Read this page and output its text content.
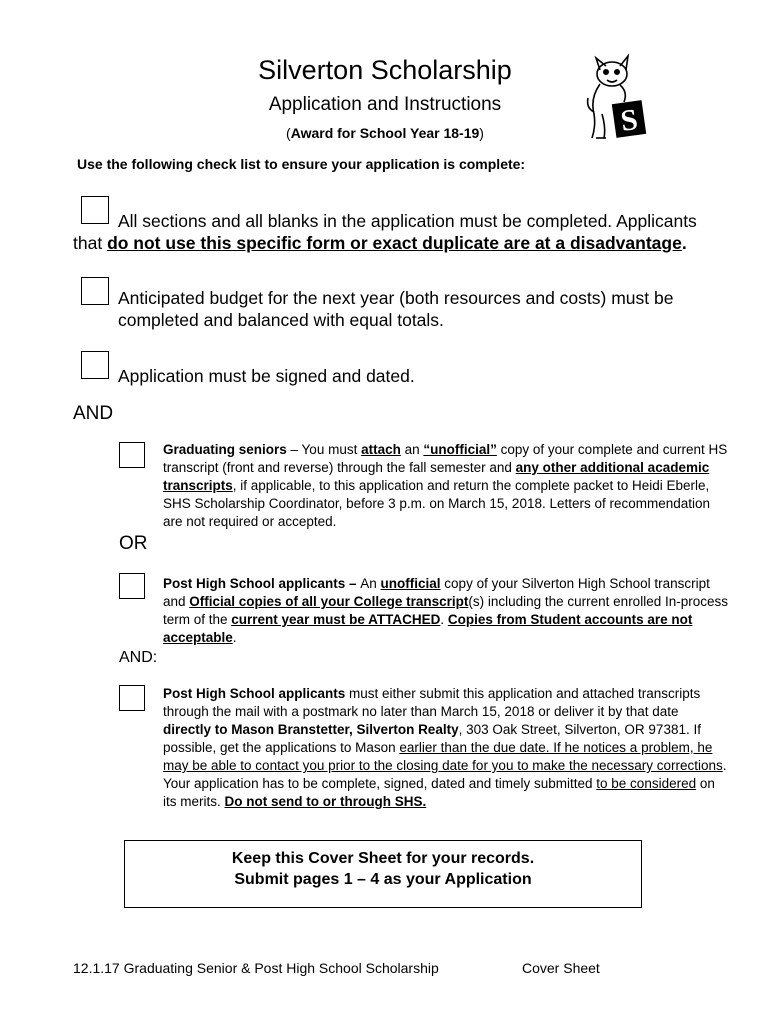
Silverton Scholarship
Application and Instructions
(Award for School Year 18-19)	S
Use the following check list to ensure your application is complete:
All sections and all blanks in the application must be completed. Applicants
that do not use this specific form or exact duplicate are at a disadvantage.
Anticipated budget for the next year (both resources and costs) must be
completed and balanced with equal totals.
Application must be signed and dated.
AND
Graduating seniors – You must attach an “unofficial” copy of your complete and current HS transcript (front and reverse) through the fall semester and any other additional academic transcripts, if applicable, to this application and return the complete packet to Heidi Eberle, SHS Scholarship Coordinator, before 3 p.m. on March 15, 2018. Letters of recommendation are not required or accepted.
OR
Post High School applicants – An unofficial copy of your Silverton High School transcript and Official copies of all your College transcript(s) including the current enrolled In-process term of the current year must be ATTACHED. Copies from Student accounts are not acceptable.
AND:
Post High School applicants must either submit this application and attached transcripts through the mail with a postmark no later than March 15, 2018 or deliver it by that date directly to Mason Branstetter, Silverton Realty, 303 Oak Street, Silverton, OR 97381. If possible, get the applications to Mason earlier than the due date. If he notices a problem, he may be able to contact you prior to the closing date for you to make the necessary corrections. Your application has to be complete, signed, dated and timely submitted to be considered on its merits. Do not send to or through SHS.
Keep this Cover Sheet for your records.
Submit pages 1 – 4 as your Application
12.1.17 Graduating Senior & Post High School Scholarship	Cover Sheet
